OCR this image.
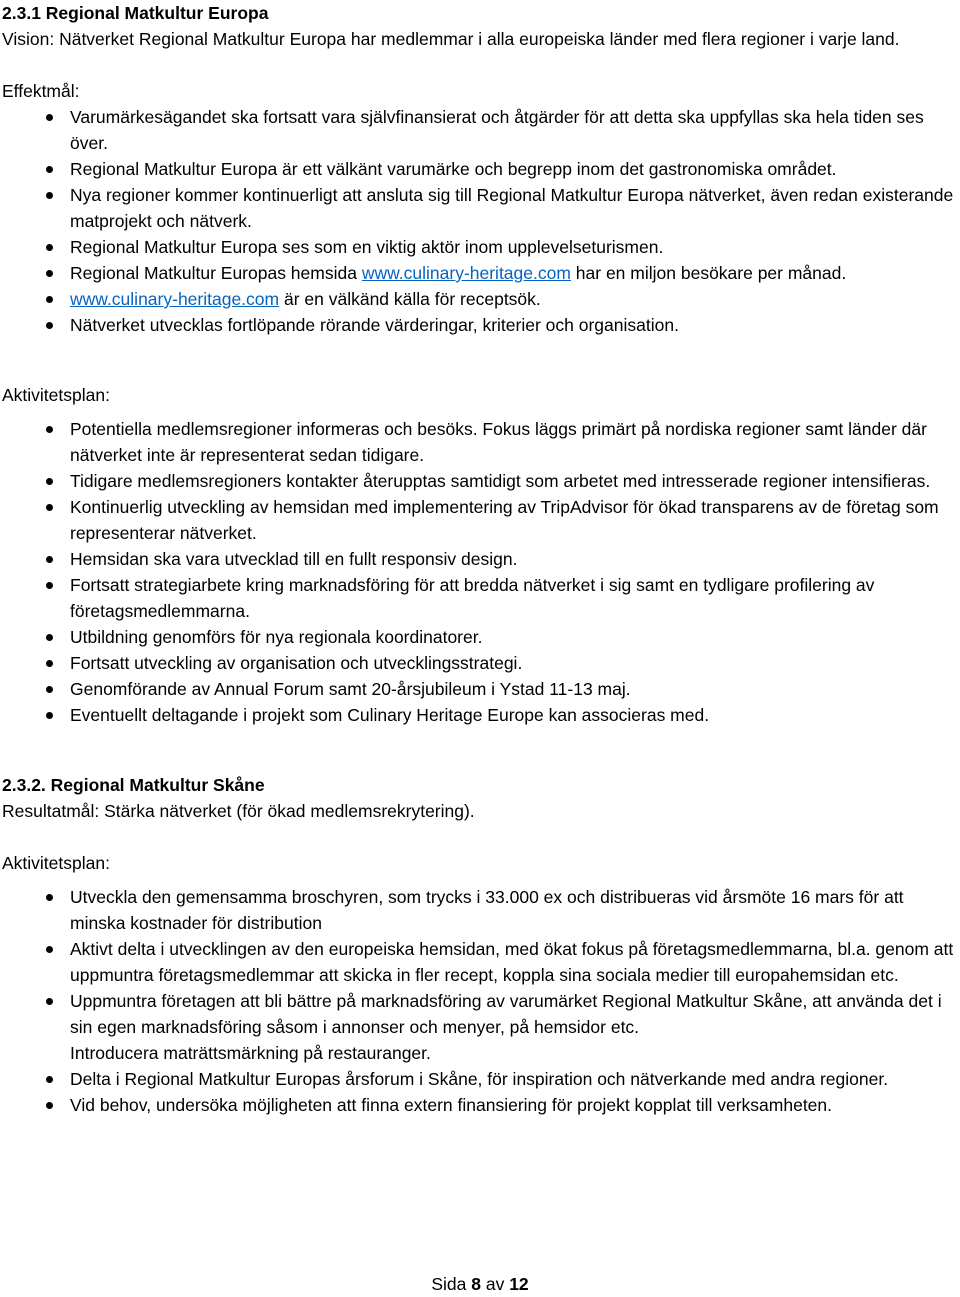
2.3.1 Regional Matkultur Europa

Vision: Nätverket Regional Matkultur Europa har medlemmar i alla europeiska länder med flera regioner i varje land.

Effektmål:

Varumärkesägandet ska fortsatt vara självfinansierat och åtgärder för att detta ska uppfyllas ska hela tiden ses över.
Regional Matkultur Europa är ett välkänt varumärke och begrepp inom det gastronomiska området.
Nya regioner kommer kontinuerligt att ansluta sig till Regional Matkultur Europa nätverket, även redan existerande matprojekt och nätverk.
Regional Matkultur Europa ses som en viktig aktör inom upplevelseturismen.
Regional Matkultur Europas hemsida www.culinary-heritage.com har en miljon besökare per månad.
www.culinary-heritage.com är en välkänd källa för receptsök.
Nätverket utvecklas fortlöpande rörande värderingar, kriterier och organisation.

Aktivitetsplan:

Potentiella medlemsregioner informeras och besöks. Fokus läggs primärt på nordiska regioner samt länder där nätverket inte är representerat sedan tidigare.
Tidigare medlemsregioners kontakter återupptas samtidigt som arbetet med intresserade regioner intensifieras.
Kontinuerlig utveckling av hemsidan med implementering av TripAdvisor för ökad transparens av de företag som representerar nätverket.
Hemsidan ska vara utvecklad till en fullt responsiv design.
Fortsatt strategiarbete kring marknadsföring för att bredda nätverket i sig samt en tydligare profilering av företagsmedlemmarna.
Utbildning genomförs för nya regionala koordinatorer.
Fortsatt utveckling av organisation och utvecklingsstrategi.
Genomförande av Annual Forum samt 20-årsjubileum i Ystad 11-13 maj.
Eventuellt deltagande i projekt som Culinary Heritage Europe kan associeras med.

2.3.2. Regional Matkultur Skåne

Resultatmål: Stärka nätverket (för ökad medlemsrekrytering).

Aktivitetsplan:

Utveckla den gemensamma broschyren, som trycks i 33.000 ex och distribueras vid årsmöte 16 mars för att minska kostnader för distribution
Aktivt delta i utvecklingen av den europeiska hemsidan, med ökat fokus på företagsmedlemmarna, bl.a. genom att uppmuntra företagsmedlemmar att skicka in fler recept, koppla sina sociala medier till europahemsidan etc.
Uppmuntra företagen att bli bättre på marknadsföring av varumärket Regional Matkultur Skåne, att använda det i sin egen marknadsföring såsom i annonser och menyer, på hemsidor etc.

Introducera maträttsmärkning på restauranger.

Delta i Regional Matkultur Europas årsforum i Skåne, för inspiration och nätverkande med andra regioner.
Vid behov, undersöka möjligheten att finna extern finansiering för projekt kopplat till verksamheten.
Sida 8 av 12
